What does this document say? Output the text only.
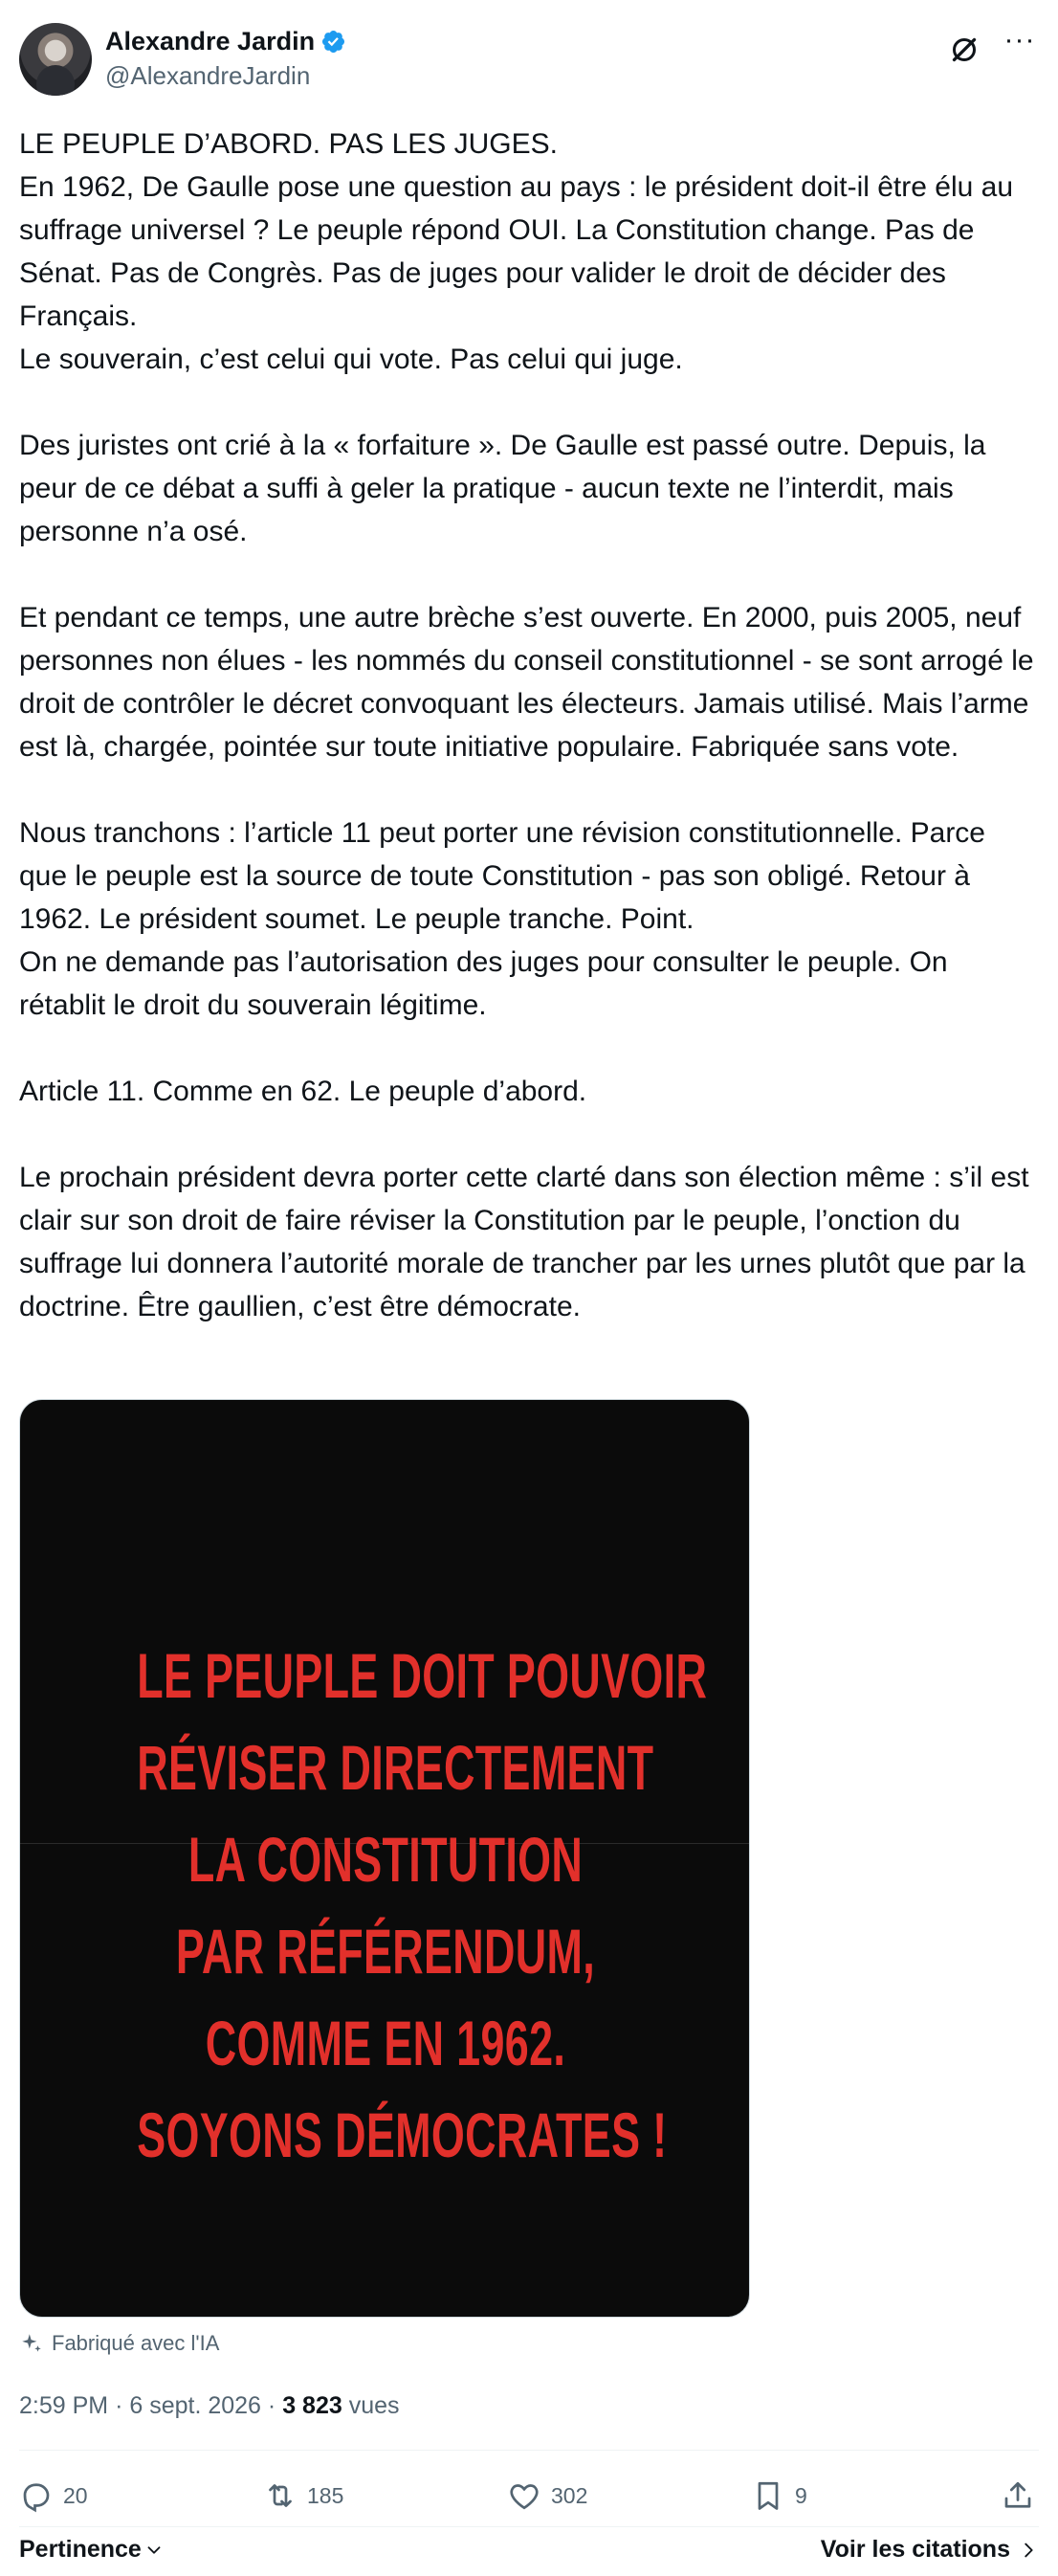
Alexandre Jardin
@AlexandreJardin
···
LE PEUPLE D’ABORD. PAS LES JUGES.
En 1962, De Gaulle pose une question au pays : le président doit-il être élu au suffrage universel ? Le peuple répond OUI. La Constitution change. Pas de Sénat. Pas de Congrès. Pas de juges pour valider le droit de décider des Français.
Le souverain, c’est celui qui vote. Pas celui qui juge.

Des juristes ont crié à la « forfaiture ». De Gaulle est passé outre. Depuis, la peur de ce débat a suffi à geler la pratique - aucun texte ne l’interdit, mais personne n’a osé.

Et pendant ce temps, une autre brèche s’est ouverte. En 2000, puis 2005, neuf personnes non élues - les nommés du conseil constitutionnel - se sont arrogé le droit de contrôler le décret convoquant les électeurs. Jamais utilisé. Mais l’arme est là, chargée, pointée sur toute initiative populaire. Fabriquée sans vote.

Nous tranchons : l’article 11 peut porter une révision constitutionnelle. Parce que le peuple est la source de toute Constitution - pas son obligé. Retour à 1962. Le président soumet. Le peuple tranche. Point.
On ne demande pas l’autorisation des juges pour consulter le peuple. On rétablit le droit du souverain légitime.

Article 11. Comme en 62. Le peuple d’abord.

Le prochain président devra porter cette clarté dans son élection même : s’il est clair sur son droit de faire réviser la Constitution par le peuple, l’onction du suffrage lui donnera l’autorité morale de trancher par les urnes plutôt que par la doctrine. Être gaullien, c’est être démocrate.
LE PEUPLE DOIT POUVOIR
RÉVISER DIRECTEMENT
LA CONSTITUTION
PAR RÉFÉRENDUM,
COMME EN 1962.
SOYONS DÉMOCRATES !
Fabriqué avec l'IA
2:59 PM · 6 sept. 2026 · 3 823 vues
20	185	302	9
Pertinence	Voir les citations
